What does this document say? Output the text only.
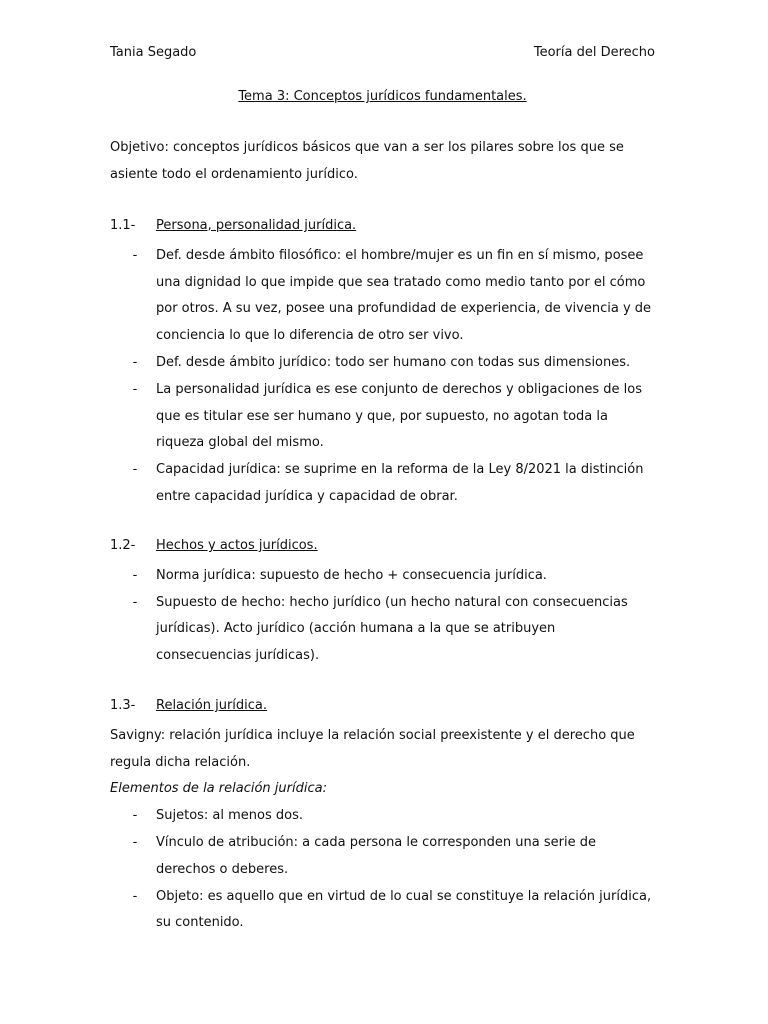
Tania Segado	Teoría del Derecho
Tema 3: Conceptos jurídicos fundamentales.

Objetivo: conceptos jurídicos básicos que van a ser los pilares sobre los que se asiente todo el ordenamiento jurídico.

1.1-	Persona, personalidad jurídica.
-	Def. desde ámbito filosófico: el hombre/mujer es un fin en sí mismo, posee una dignidad lo que impide que sea tratado como medio tanto por el cómo por otros. A su vez, posee una profundidad de experiencia, de vivencia y de conciencia lo que lo diferencia de otro ser vivo.
-	Def. desde ámbito jurídico: todo ser humano con todas sus dimensiones.
-	La personalidad jurídica es ese conjunto de derechos y obligaciones de los que es titular ese ser humano y que, por supuesto, no agotan toda la riqueza global del mismo.
-	Capacidad jurídica: se suprime en la reforma de la Ley 8/2021 la distinción entre capacidad jurídica y capacidad de obrar.
1.2-	Hechos y actos jurídicos.
-	Norma jurídica: supuesto de hecho + consecuencia jurídica.
-	Supuesto de hecho: hecho jurídico (un hecho natural con consecuencias jurídicas). Acto jurídico (acción humana a la que se atribuyen consecuencias jurídicas).
1.3-	Relación jurídica.

Savigny: relación jurídica incluye la relación social preexistente y el derecho que regula dicha relación.

Elementos de la relación jurídica:

-	Sujetos: al menos dos.
-	Vínculo de atribución: a cada persona le corresponden una serie de derechos o deberes.
-	Objeto: es aquello que en virtud de lo cual se constituye la relación jurídica, su contenido.
